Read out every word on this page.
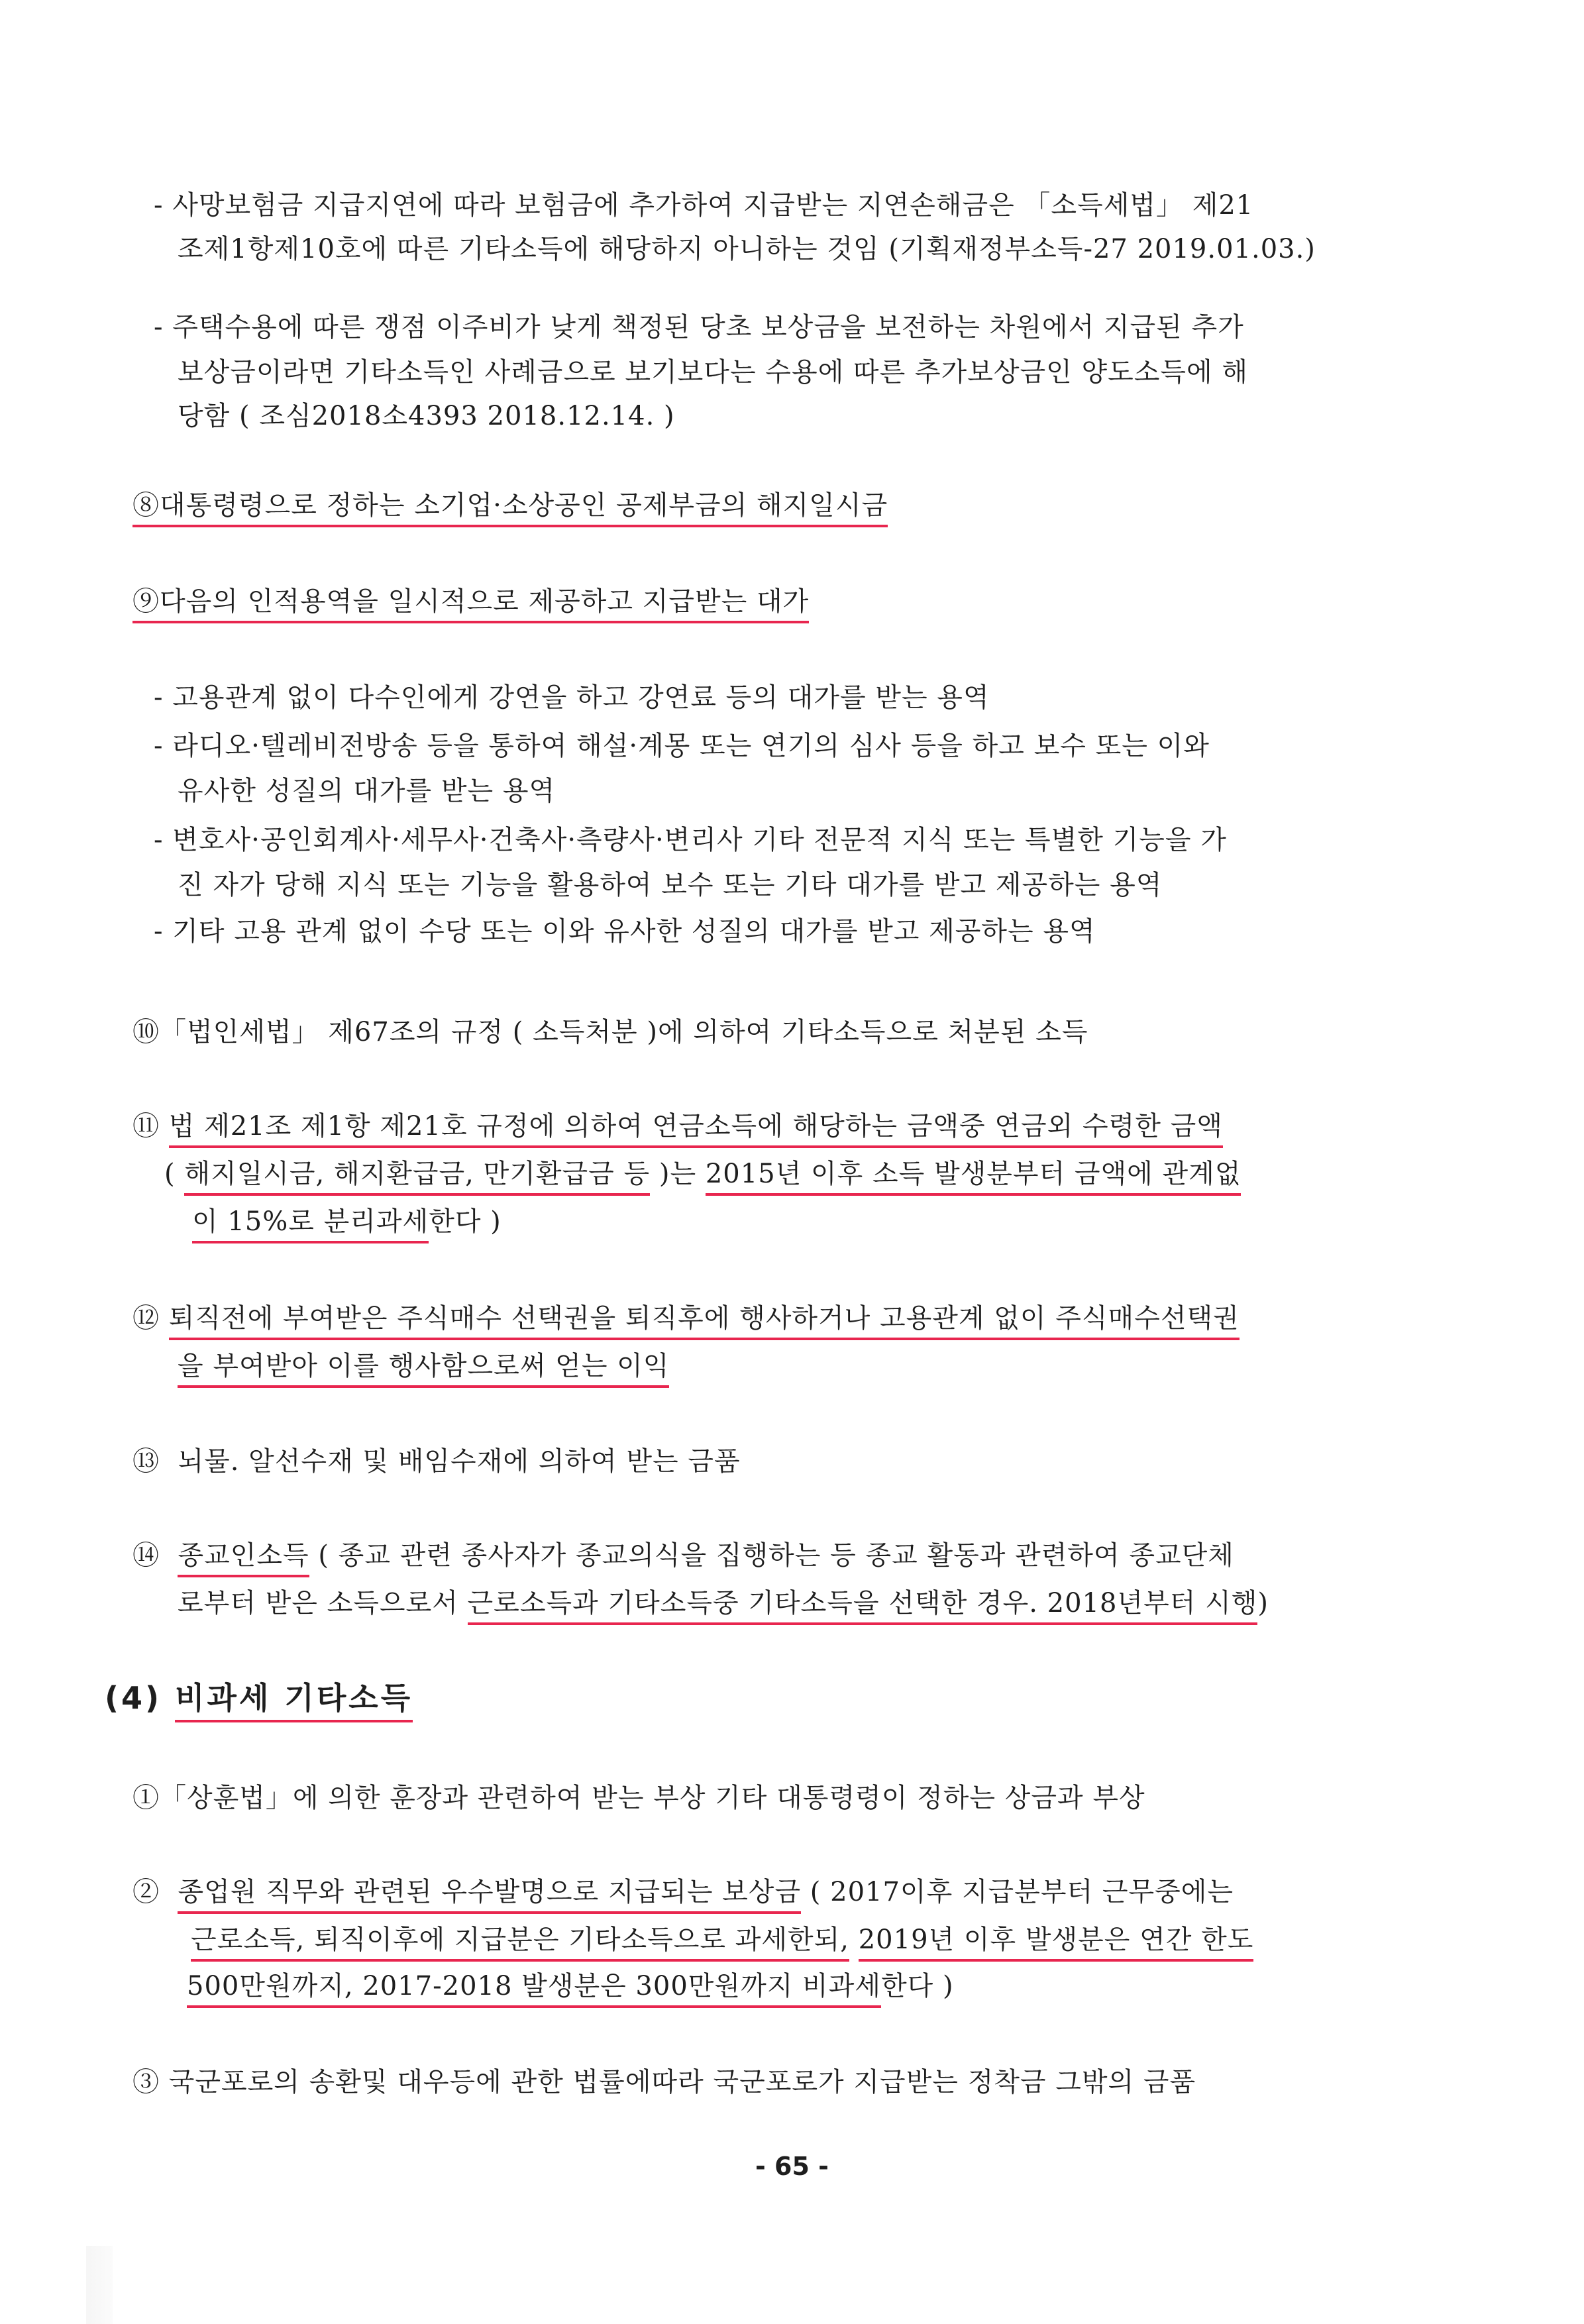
- 사망보험금 지급지연에 따라 보험금에 추가하여 지급받는 지연손해금은 「소득세법」 제21
조제1항제10호에 따른 기타소득에 해당하지 아니하는 것임 (기획재정부소득-27 2019.01.03.)
- 주택수용에 따른 쟁점 이주비가 낮게 책정된 당초 보상금을 보전하는 차원에서 지급된 추가
보상금이라면 기타소득인 사례금으로 보기보다는 수용에 따른 추가보상금인 양도소득에 해
당함 ( 조심2018소4393 2018.12.14. )
⑧대통령령으로 정하는 소기업·소상공인 공제부금의 해지일시금
⑨다음의 인적용역을 일시적으로 제공하고 지급받는 대가
- 고용관계 없이 다수인에게 강연을 하고 강연료 등의 대가를 받는 용역
- 라디오·텔레비전방송 등을 통하여 해설·계몽 또는 연기의 심사 등을 하고 보수 또는 이와
유사한 성질의 대가를 받는 용역
- 변호사·공인회계사·세무사·건축사·측량사·변리사 기타 전문적 지식 또는 특별한 기능을 가
진 자가 당해 지식 또는 기능을 활용하여 보수 또는 기타 대가를 받고 제공하는 용역
- 기타 고용 관계 없이 수당 또는 이와 유사한 성질의 대가를 받고 제공하는 용역
⑩「법인세법」 제67조의 규정 ( 소득처분 )에 의하여 기타소득으로 처분된 소득
⑪ 법 제21조 제1항 제21호 규정에 의하여 연금소득에 해당하는 금액중 연금외 수령한 금액
( 해지일시금, 해지환급금, 만기환급금 등 )는 2015년 이후 소득 발생분부터 금액에 관계없
이 15%로 분리과세한다 )
⑫ 퇴직전에 부여받은 주식매수 선택권을 퇴직후에 행사하거나 고용관계 없이 주식매수선택권
을 부여받아 이를 행사함으로써 얻는 이익
⑬ 뇌물. 알선수재 및 배임수재에 의하여 받는 금품
⑭ 종교인소득 ( 종교 관련 종사자가 종교의식을 집행하는 등 종교 활동과 관련하여 종교단체
로부터 받은 소득으로서 근로소득과 기타소득중 기타소득을 선택한 경우. 2018년부터 시행)
(4) 비과세 기타소득
①「상훈법」에 의한 훈장과 관련하여 받는 부상 기타 대통령령이 정하는 상금과 부상
② 종업원 직무와 관련된 우수발명으로 지급되는 보상금 ( 2017이후 지급분부터 근무중에는
근로소득, 퇴직이후에 지급분은 기타소득으로 과세한되, 2019년 이후 발생분은 연간 한도
500만원까지, 2017-2018 발생분은 300만원까지 비과세한다 )
③ 국군포로의 송환및 대우등에 관한 법률에따라 국군포로가 지급받는 정착금 그밖의 금품
- 65 -
